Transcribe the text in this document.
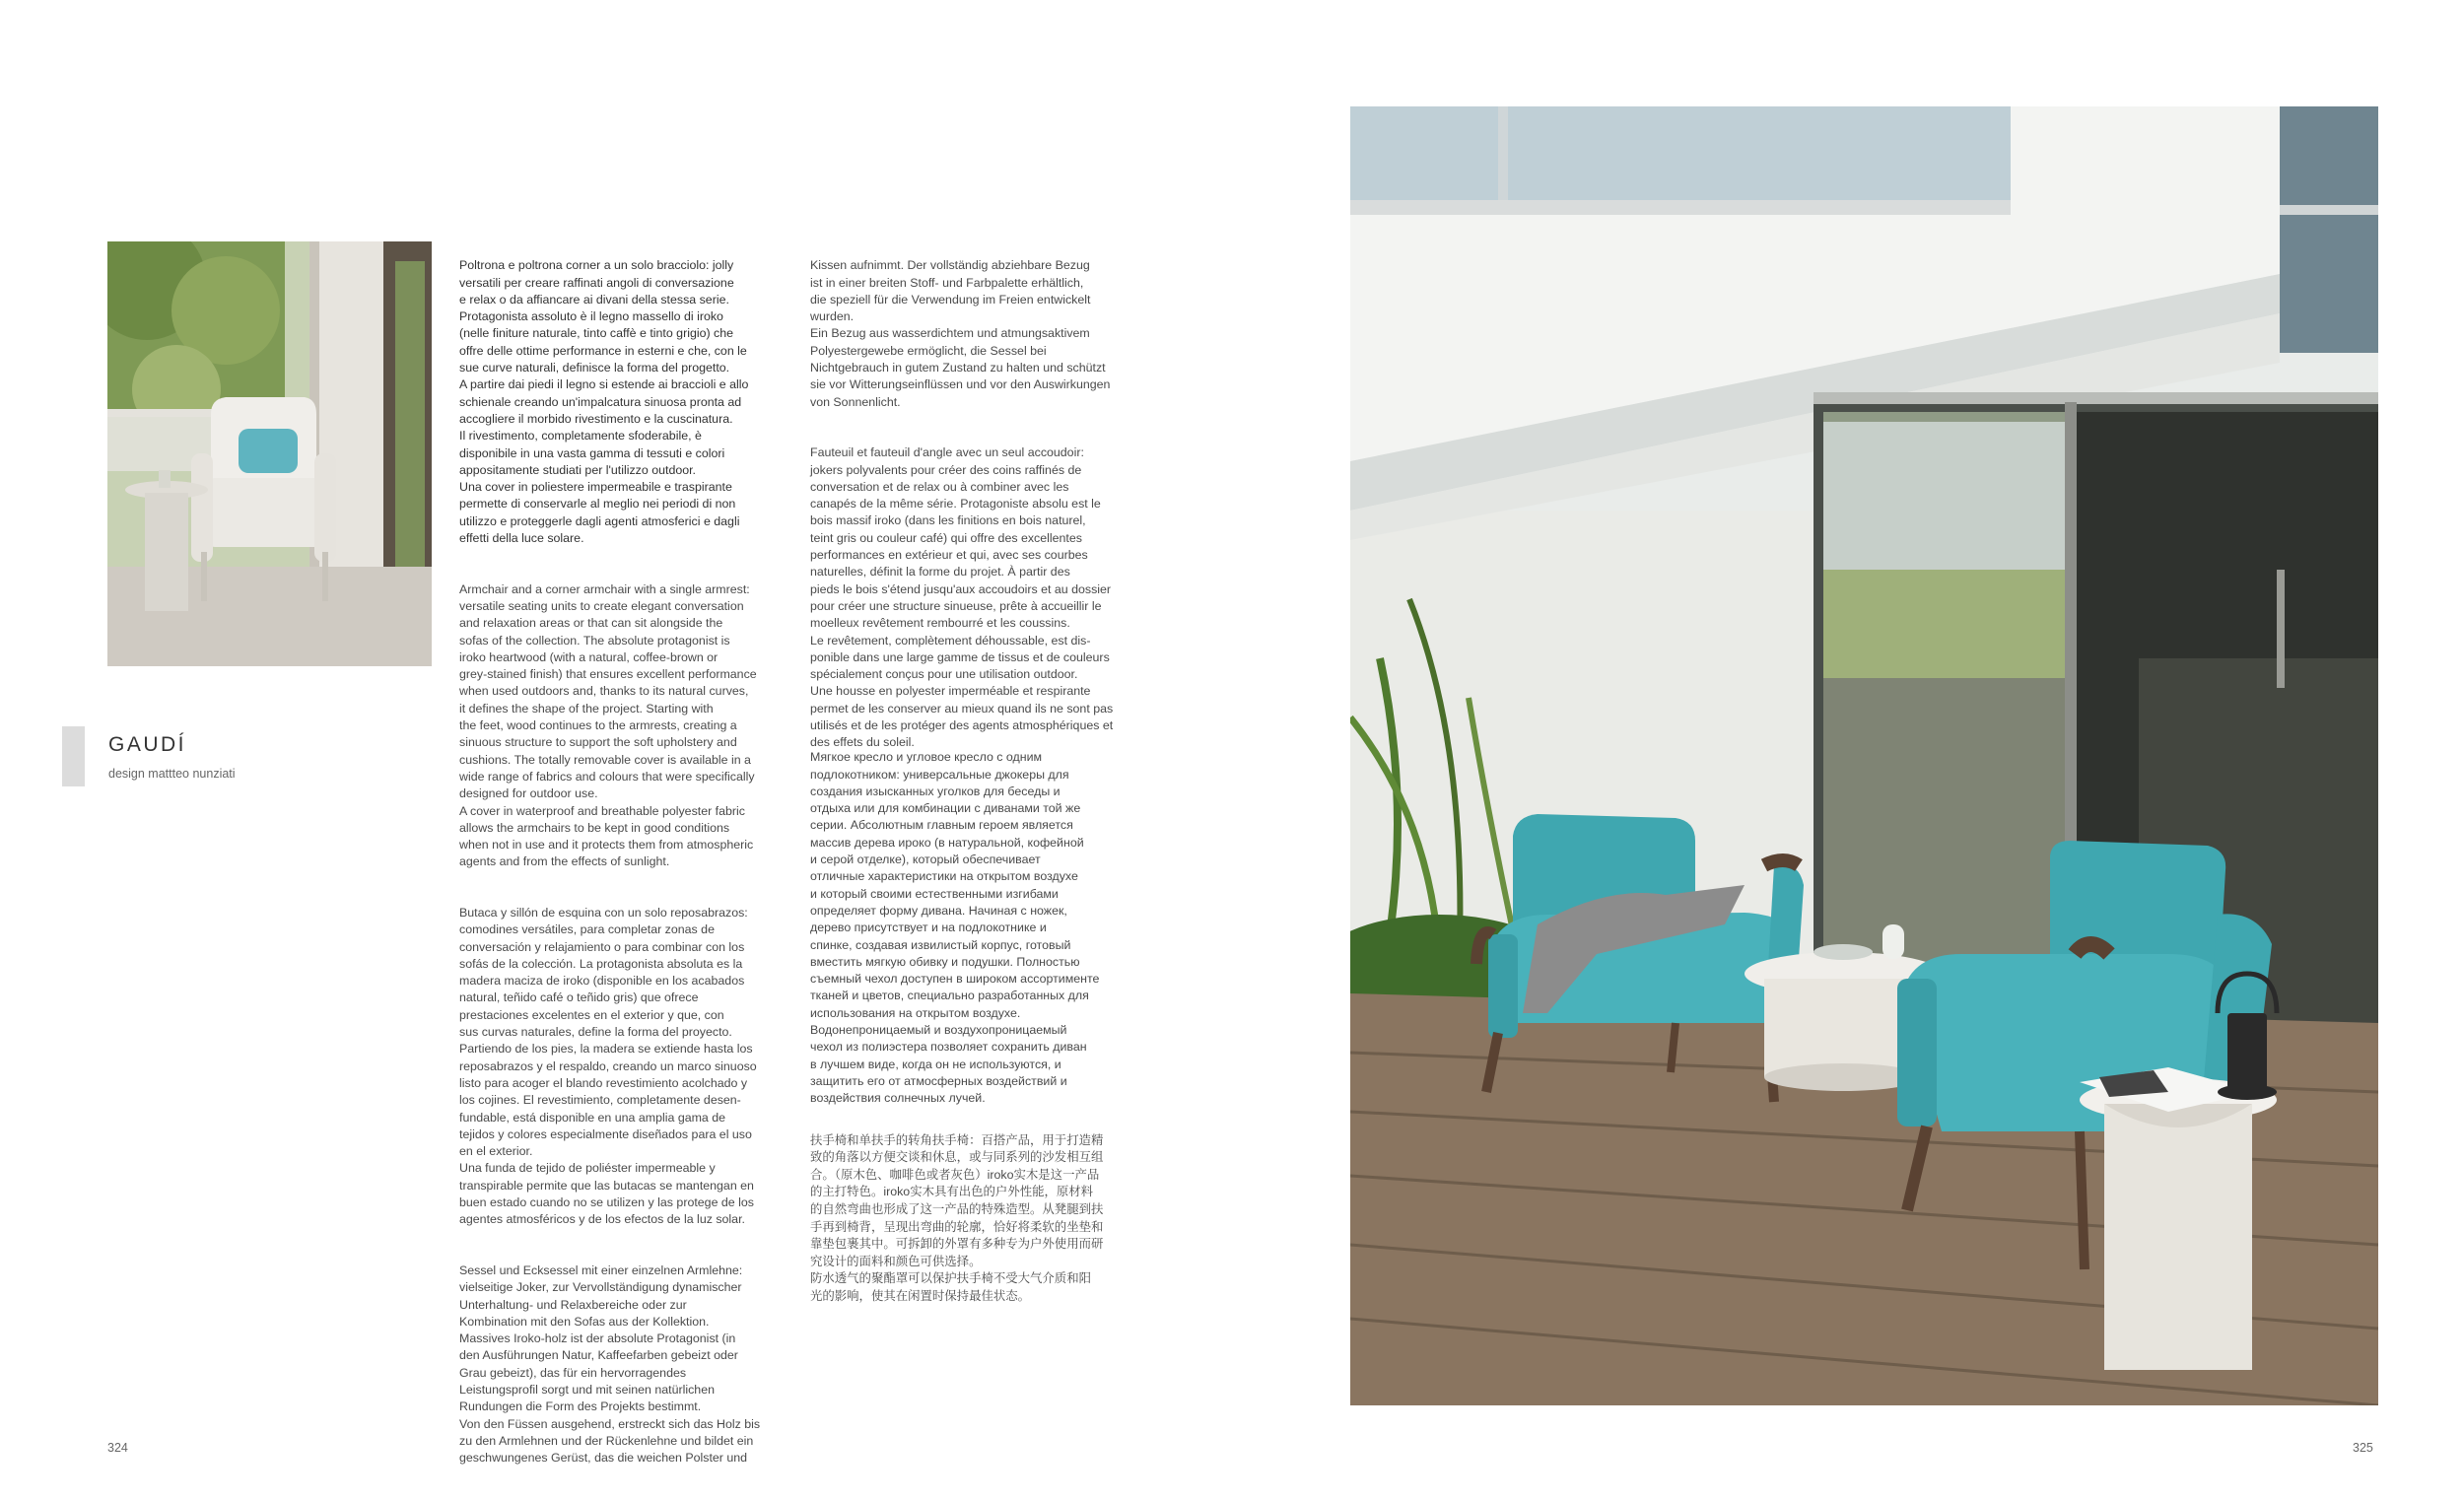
GAUDÍ
design mattteo nunziati

Poltrona e poltrona corner a un solo bracciolo: jolly
versatili per creare raffinati angoli di conversazione
e relax o da affiancare ai divani della stessa serie.
Protagonista assoluto è il legno massello di iroko
(nelle finiture naturale, tinto caffè e tinto grigio) che
offre delle ottime performance in esterni e che, con le
sue curve naturali, definisce la forma del progetto.
A partire dai piedi il legno si estende ai braccioli e allo
schienale creando un'impalcatura sinuosa pronta ad
accogliere il morbido rivestimento e la cuscinatura.
Il rivestimento, completamente sfoderabile, è
disponibile in una vasta gamma di tessuti e colori
appositamente studiati per l'utilizzo outdoor.
Una cover in poliestere impermeabile e traspirante
permette di conservarle al meglio nei periodi di non
utilizzo e proteggerle dagli agenti atmosferici e dagli
effetti della luce solare.

Armchair and a corner armchair with a single armrest:
versatile seating units to create elegant conversation
and relaxation areas or that can sit alongside the
sofas of the collection. The absolute protagonist is
iroko heartwood (with a natural, coffee-brown or
grey-stained finish) that ensures excellent performance
when used outdoors and, thanks to its natural curves,
it defines the shape of the project. Starting with
the feet, wood continues to the armrests, creating a
sinuous structure to support the soft upholstery and
cushions. The totally removable cover is available in a
wide range of fabrics and colours that were specifically
designed for outdoor use.
A cover in waterproof and breathable polyester fabric
allows the armchairs to be kept in good conditions
when not in use and it protects them from atmospheric
agents and from the effects of sunlight.

Butaca y sillón de esquina con un solo reposabrazos:
comodines versátiles, para completar zonas de
conversación y relajamiento o para combinar con los
sofás de la colección. La protagonista absoluta es la
madera maciza de iroko (disponible en los acabados
natural, teñido café o teñido gris) que ofrece
prestaciones excelentes en el exterior y que, con
sus curvas naturales, define la forma del proyecto.
Partiendo de los pies, la madera se extiende hasta los
reposabrazos y el respaldo, creando un marco sinuoso
listo para acoger el blando revestimiento acolchado y
los cojines. El revestimiento, completamente desen-
fundable, está disponible en una amplia gama de
tejidos y colores especialmente diseñados para el uso
en el exterior.
Una funda de tejido de poliéster impermeable y
transpirable permite que las butacas se mantengan en
buen estado cuando no se utilizen y las protege de los
agentes atmosféricos y de los efectos de la luz solar.

Sessel und Ecksessel mit einer einzelnen Armlehne:
vielseitige Joker, zur Vervollständigung dynamischer
Unterhaltung- und Relaxbereiche oder zur
Kombination mit den Sofas aus der Kollektion.
Massives Iroko-holz ist der absolute Protagonist (in
den Ausführungen Natur, Kaffeefarben gebeizt oder
Grau gebeizt), das für ein hervorragendes
Leistungsprofil sorgt und mit seinen natürlichen
Rundungen die Form des Projekts bestimmt.
Von den Füssen ausgehend, erstreckt sich das Holz bis
zu den Armlehnen und der Rückenlehne und bildet ein
geschwungenes Gerüst, das die weichen Polster und

Kissen aufnimmt. Der vollständig abziehbare Bezug
ist in einer breiten Stoff- und Farbpalette erhältlich,
die speziell für die Verwendung im Freien entwickelt
wurden.
Ein Bezug aus wasserdichtem und atmungsaktivem
Polyestergewebe ermöglicht, die Sessel bei
Nichtgebrauch in gutem Zustand zu halten und schützt
sie vor Witterungseinflüssen und vor den Auswirkungen
von Sonnenlicht.

Fauteuil et fauteuil d'angle avec un seul accoudoir:
jokers polyvalents pour créer des coins raffinés de
conversation et de relax ou à combiner avec les
canapés de la même série. Protagoniste absolu est le
bois massif iroko (dans les finitions en bois naturel,
teint gris ou couleur café) qui offre des excellentes
performances en extérieur et qui, avec ses courbes
naturelles, définit la forme du projet. À partir des
pieds le bois s'étend jusqu'aux accoudoirs et au dossier
pour créer une structure sinueuse, prête à accueillir le
moelleux revêtement rembourré et les coussins.
Le revêtement, complètement déhoussable, est dis-
ponible dans une large gamme de tissus et de couleurs
spécialement conçus pour une utilisation outdoor.
Une housse en polyester imperméable et respirante
permet de les conserver au mieux quand ils ne sont pas
utilisés et de les protéger des agents atmosphériques et
des effets du soleil.

Мягкое кресло и угловое кресло с одним
подлокотником: универсальные джокеры для
создания изысканных уголков для беседы и
отдыха или для комбинации с диванами той же
серии. Абсолютным главным героем является
массив дерева ироко (в натуральной, кофейной
и серой отделке), который обеспечивает
отличные характеристики на открытом воздухе
и который своими естественными изгибами
определяет форму дивана. Начиная с ножек,
дерево присутствует и на подлокотнике и
спинке, создавая извилистый корпус, готовый
вместить мягкую обивку и подушки. Полностью
съемный чехол доступен в широком ассортименте
тканей и цветов, специально разработанных для
использования на открытом воздухе.
Водонепроницаемый и воздухопроницаемый
чехол из полиэстера позволяет сохранить диван
в лучшем виде, когда он не используются, и
защитить его от атмосферных воздействий и
воздействия солнечных лучей.

扶手椅和单扶手的转角扶手椅：百搭产品，用于打造精
致的角落以方便交谈和休息，或与同系列的沙发相互组
合。（原木色、咖啡色或者灰色）iroko实木是这一产品
的主打特色。iroko实木具有出色的户外性能，原材料
的自然弯曲也形成了这一产品的特殊造型。从凳腿到扶
手再到椅背，呈现出弯曲的轮廓，恰好将柔软的坐垫和
靠垫包裹其中。可拆卸的外罩有多种专为户外使用而研
究设计的面料和颜色可供选择。
防水透气的聚酯罩可以保护扶手椅不受大气介质和阳
光的影响，使其在闲置时保持最佳状态。

324	325
